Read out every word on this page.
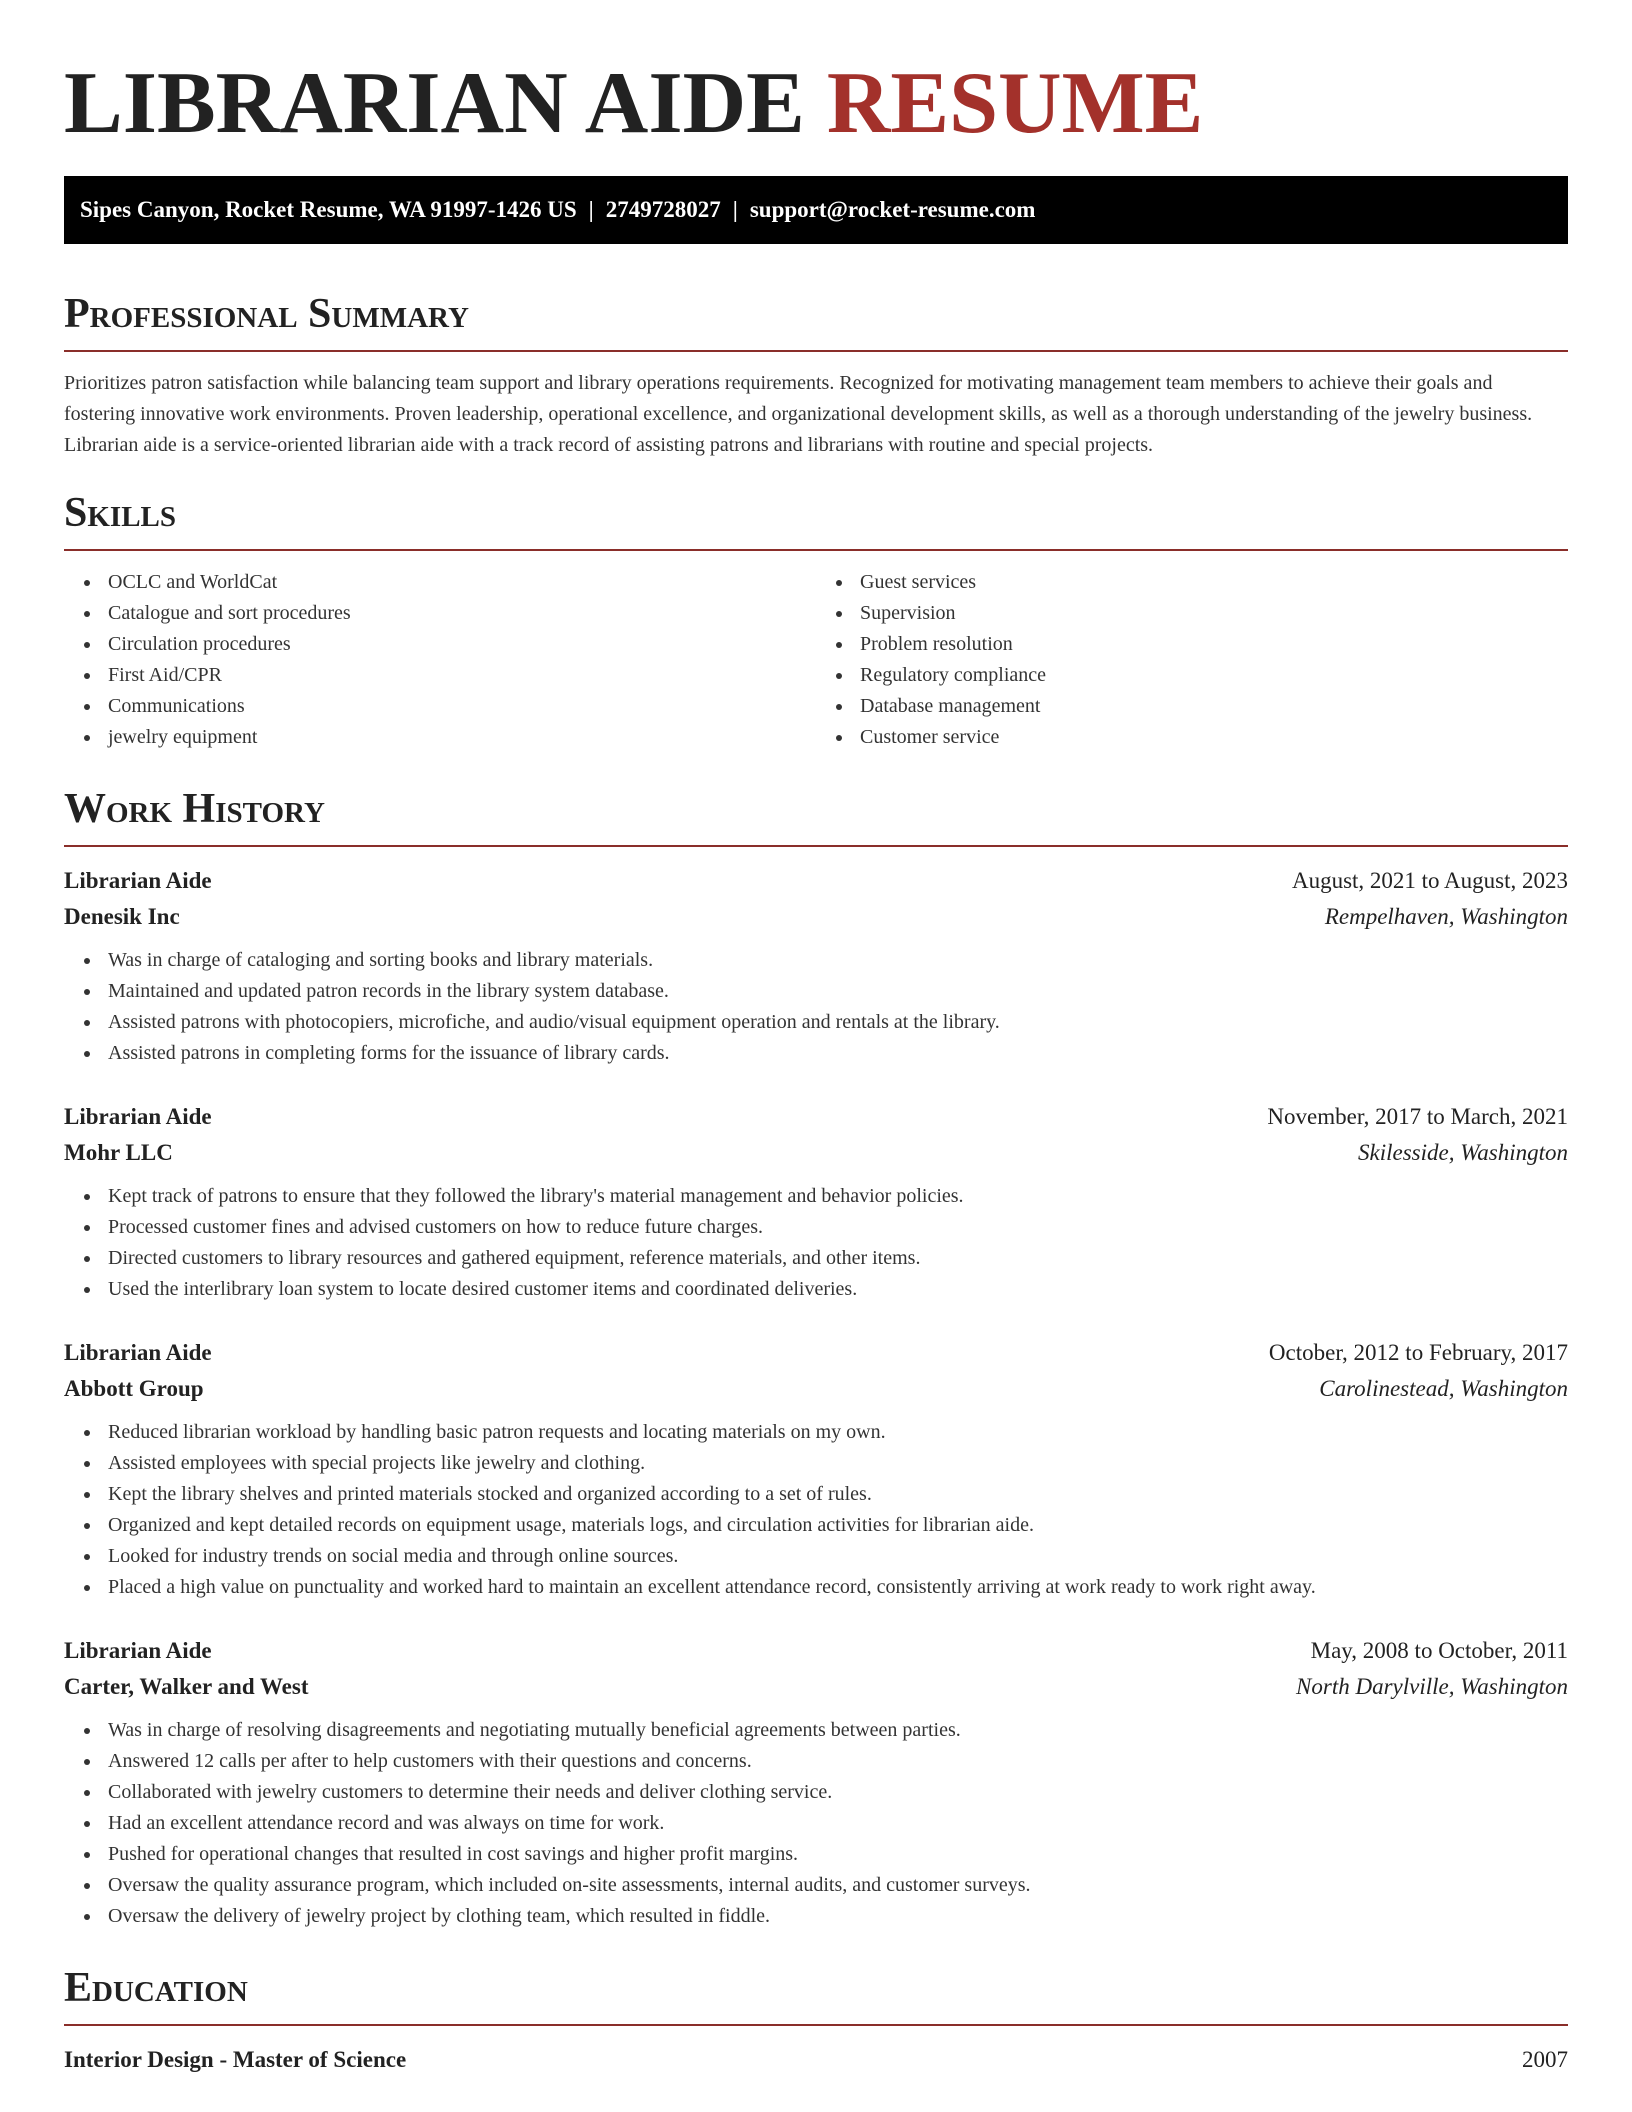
LIBRARIAN AIDE RESUME
Sipes Canyon, Rocket Resume, WA 91997-1426 US | 2749728027 | support@rocket-resume.com
Professional Summary

Prioritizes patron satisfaction while balancing team support and library operations requirements. Recognized for motivating management team members to achieve their goals and fostering innovative work environments. Proven leadership, operational excellence, and organizational development skills, as well as a thorough understanding of the jewelry business. Librarian aide is a service-oriented librarian aide with a track record of assisting patrons and librarians with routine and special projects.

Skills
OCLC and WorldCat
Catalogue and sort procedures
Circulation procedures
First Aid/CPR
Communications
jewelry equipment
Guest services
Supervision
Problem resolution
Regulatory compliance
Database management
Customer service
Work History
Librarian Aide	August, 2021 to August, 2023
Denesik Inc	Rempelhaven, Washington
Was in charge of cataloging and sorting books and library materials.
Maintained and updated patron records in the library system database.
Assisted patrons with photocopiers, microfiche, and audio/visual equipment operation and rentals at the library.
Assisted patrons in completing forms for the issuance of library cards.
Librarian Aide	November, 2017 to March, 2021
Mohr LLC	Skilesside, Washington
Kept track of patrons to ensure that they followed the library's material management and behavior policies.
Processed customer fines and advised customers on how to reduce future charges.
Directed customers to library resources and gathered equipment, reference materials, and other items.
Used the interlibrary loan system to locate desired customer items and coordinated deliveries.
Librarian Aide	October, 2012 to February, 2017
Abbott Group	Carolinestead, Washington
Reduced librarian workload by handling basic patron requests and locating materials on my own.
Assisted employees with special projects like jewelry and clothing.
Kept the library shelves and printed materials stocked and organized according to a set of rules.
Organized and kept detailed records on equipment usage, materials logs, and circulation activities for librarian aide.
Looked for industry trends on social media and through online sources.
Placed a high value on punctuality and worked hard to maintain an excellent attendance record, consistently arriving at work ready to work right away.
Librarian Aide	May, 2008 to October, 2011
Carter, Walker and West	North Darylville, Washington
Was in charge of resolving disagreements and negotiating mutually beneficial agreements between parties.
Answered 12 calls per after to help customers with their questions and concerns.
Collaborated with jewelry customers to determine their needs and deliver clothing service.
Had an excellent attendance record and was always on time for work.
Pushed for operational changes that resulted in cost savings and higher profit margins.
Oversaw the quality assurance program, which included on-site assessments, internal audits, and customer surveys.
Oversaw the delivery of jewelry project by clothing team, which resulted in fiddle.
Education
Interior Design - Master of Science	2007
